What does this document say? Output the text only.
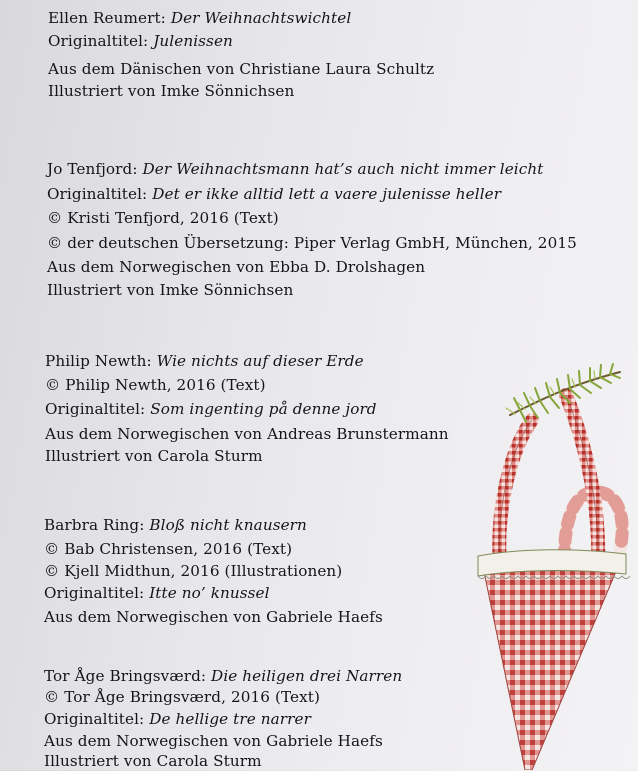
Ellen Reumert: Der Weihnachtswichtel
Originaltitel: Julenissen
Aus dem Dänischen von Christiane Laura Schultz
Illustriert von Imke Sönnichsen
Jo Tenfjord: Der Weihnachtsmann hat’s auch nicht immer leicht
Originaltitel: Det er ikke alltid lett a vaere julenisse heller
© Kristi Tenfjord, 2016 (Text)
© der deutschen Übersetzung: Piper Verlag GmbH, München, 2015
Aus dem Norwegischen von Ebba D. Drolshagen
Illustriert von Imke Sönnichsen
Philip Newth: Wie nichts auf dieser Erde
© Philip Newth, 2016 (Text)
Originaltitel: Som ingenting på denne jord
Aus dem Norwegischen von Andreas Brunstermann
Illustriert von Carola Sturm
Barbra Ring: Bloß nicht knausern
© Bab Christensen, 2016 (Text)
© Kjell Midthun, 2016 (Illustrationen)
Originaltitel: Itte no’ knussel
Aus dem Norwegischen von Gabriele Haefs
Tor Åge Bringsværd: Die heiligen drei Narren
© Tor Åge Bringsværd, 2016 (Text)
Originaltitel: De hellige tre narrer
Aus dem Norwegischen von Gabriele Haefs
Illustriert von Carola Sturm
